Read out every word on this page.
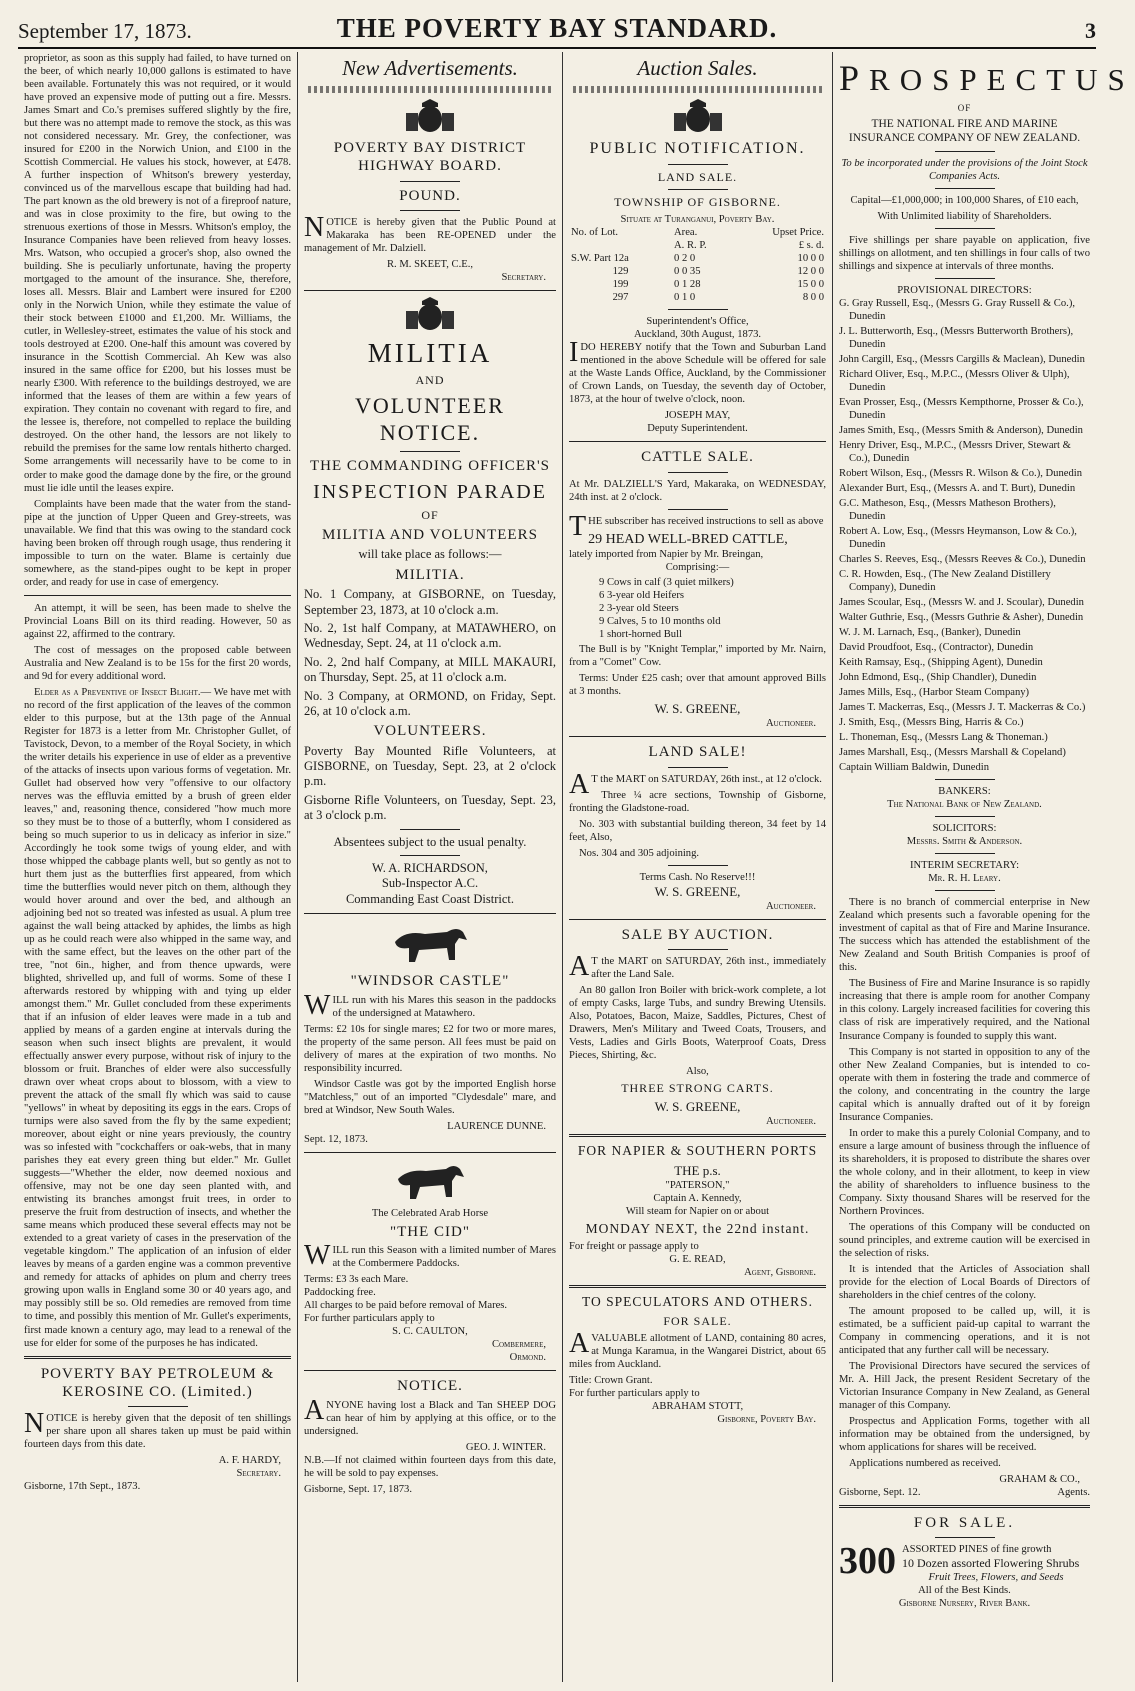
September 17, 1873.	THE POVERTY BAY STANDARD.	3

proprietor, as soon as this supply had failed, to have turned on the beer, of which nearly 10,000 gallons is estimated to have been available. Fortunately this was not required, or it would have proved an expensive mode of putting out a fire. Messrs. James Smart and Co.'s premises suffered slightly by the fire, but there was no attempt made to remove the stock, as this was not considered necessary. Mr. Grey, the confectioner, was insured for £200 in the Norwich Union, and £100 in the Scottish Commercial. He values his stock, however, at £478. A further inspection of Whitson's brewery yesterday, convinced us of the marvellous escape that building had had. The part known as the old brewery is not of a fireproof nature, and was in close proximity to the fire, but owing to the strenuous exertions of those in Messrs. Whitson's employ, the Insurance Companies have been relieved from heavy losses. Mrs. Watson, who occupied a grocer's shop, also owned the building. She is peculiarly unfortunate, having the property mortgaged to the amount of the insurance. She, therefore, loses all. Messrs. Blair and Lambert were insured for £200 only in the Norwich Union, while they estimate the value of their stock between £1000 and £1,200. Mr. Williams, the cutler, in Wellesley-street, estimates the value of his stock and tools destroyed at £200. One-half this amount was covered by insurance in the Scottish Commercial. Ah Kew was also insured in the same office for £200, but his losses must be nearly £300. With reference to the buildings destroyed, we are informed that the leases of them are within a few years of expiration. They contain no covenant with regard to fire, and the lessee is, therefore, not compelled to replace the building destroyed. On the other hand, the lessors are not likely to rebuild the premises for the same low rentals hitherto charged. Some arrangements will necessarily have to be come to in order to make good the damage done by the fire, or the ground must lie idle until the leases expire.

Complaints have been made that the water from the stand-pipe at the junction of Upper Queen and Grey-streets, was unavailable. We find that this was owing to the standard cock having been broken off through rough usage, thus rendering it impossible to turn on the water. Blame is certainly due somewhere, as the stand-pipes ought to be kept in proper order, and ready for use in case of emergency.

An attempt, it will be seen, has been made to shelve the Provincial Loans Bill on its third reading. However, 50 as against 22, affirmed to the contrary.

The cost of messages on the proposed cable between Australia and New Zealand is to be 15s for the first 20 words, and 9d for every additional word.

Elder as a Preventive of Insect Blight.— We have met with no record of the first application of the leaves of the common elder to this purpose, but at the 13th page of the Annual Register for 1873 is a letter from Mr. Christopher Gullet, of Tavistock, Devon, to a member of the Royal Society, in which the writer details his experience in use of elder as a preventive of the attacks of insects upon various forms of vegetation. Mr. Gullet had observed how very "offensive to our olfactory nerves was the effluvia emitted by a brush of green elder leaves," and, reasoning thence, considered "how much more so they must be to those of a butterfly, whom I considered as being so much superior to us in delicacy as inferior in size." Accordingly he took some twigs of young elder, and with those whipped the cabbage plants well, but so gently as not to hurt them just as the butterflies first appeared, from which time the butterflies would never pitch on them, although they would hover around and over the bed, and although an adjoining bed not so treated was infested as usual. A plum tree against the wall being attacked by aphides, the limbs as high up as he could reach were also whipped in the same way, and with the same effect, but the leaves on the other part of the tree, "not 6in., higher, and from thence upwards, were blighted, shrivelled up, and full of worms. Some of these I afterwards restored by whipping with and tying up elder amongst them." Mr. Gullet concluded from these experiments that if an infusion of elder leaves were made in a tub and applied by means of a garden engine at intervals during the season when such insect blights are prevalent, it would effectually answer every purpose, without risk of injury to the blossom or fruit. Branches of elder were also successfully drawn over wheat crops about to blossom, with a view to prevent the attack of the small fly which was said to cause "yellows" in wheat by depositing its eggs in the ears. Crops of turnips were also saved from the fly by the same expedient; moreover, about eight or nine years previously, the country was so infested with "cockchaffers or oak-webs, that in many parishes they eat every green thing but elder." Mr. Gullet suggests—"Whether the elder, now deemed noxious and offensive, may not be one day seen planted with, and entwisting its branches amongst fruit trees, in order to preserve the fruit from destruction of insects, and whether the same means which produced these several effects may not be extended to a great variety of cases in the preservation of the vegetable kingdom." The application of an infusion of elder leaves by means of a garden engine was a common preventive and remedy for attacks of aphides on plum and cherry trees growing upon walls in England some 30 or 40 years ago, and may possibly still be so. Old remedies are removed from time to time, and possibly this mention of Mr. Gullet's experiments, first made known a century ago, may lead to a renewal of the use for elder for some of the purposes he has indicated.

POVERTY BAY PETROLEUM & KEROSINE CO. (Limited.)

NOTICE is hereby given that the deposit of ten shillings per share upon all shares taken up must be paid within fourteen days from this date.

A. F. HARDY,
Secretary.
Gisborne, 17th Sept., 1873.
New Advertisements.
POVERTY BAY DISTRICT HIGHWAY BOARD.
POUND.

NOTICE is hereby given that the Public Pound at Makaraka has been RE-OPENED under the management of Mr. Dalziell.

R. M. SKEET, C.E.,
Secretary.
MILITIA
AND
VOLUNTEER NOTICE.
THE COMMANDING OFFICER'S
INSPECTION PARADE
OF
MILITIA AND VOLUNTEERS
will take place as follows:—
MILITIA.

No. 1 Company, at GISBORNE, on Tuesday, September 23, 1873, at 10 o'clock a.m.

No. 2, 1st half Company, at MATAWHERO, on Wednesday, Sept. 24, at 11 o'clock a.m.

No. 2, 2nd half Company, at MILL MAKAURI, on Thursday, Sept. 25, at 11 o'clock a.m.

No. 3 Company, at ORMOND, on Friday, Sept. 26, at 10 o'clock a.m.

VOLUNTEERS.

Poverty Bay Mounted Rifle Volunteers, at GISBORNE, on Tuesday, Sept. 23, at 2 o'clock p.m.

Gisborne Rifle Volunteers, on Tuesday, Sept. 23, at 3 o'clock p.m.

Absentees subject to the usual penalty.

W. A. RICHARDSON,
Sub-Inspector A.C.
Commanding East Coast District.
"WINDSOR CASTLE"

WILL run with his Mares this season in the paddocks of the undersigned at Matawhero.

Terms: £2 10s for single mares; £2 for two or more mares, the property of the same person. All fees must be paid on delivery of mares at the expiration of two months. No responsibility incurred.

Windsor Castle was got by the imported English horse "Matchless," out of an imported "Clydesdale" mare, and bred at Windsor, New South Wales.

LAURENCE DUNNE.
Sept. 12, 1873.
The Celebrated Arab Horse
"THE CID"

WILL run this Season with a limited number of Mares at the Combermere Paddocks.

Terms: £3 3s each Mare.
Paddocking free.
All charges to be paid before removal of Mares.
For further particulars apply to
S. C. CAULTON,
Combermere,
Ormond.
NOTICE.

ANYONE having lost a Black and Tan SHEEP DOG can hear of him by applying at this office, or to the undersigned.

GEO. J. WINTER.

N.B.—If not claimed within fourteen days from this date, he will be sold to pay expenses.

Gisborne, Sept. 17, 1873.
Auction Sales.
PUBLIC NOTIFICATION.
LAND SALE.
TOWNSHIP OF GISBORNE.
Situate at Turanganui, Poverty Bay.
No. of Lot.	Area.	Upset Price.
	A. R. P.	£ s. d.
S.W. Part 12a	0 2 0	10 0 0
129	0 0 35	12 0 0
199	0 1 28	15 0 0
297	0 1 0	8 0 0
Superintendent's Office,
Auckland, 30th August, 1873.

IDO HEREBY notify that the Town and Suburban Land mentioned in the above Schedule will be offered for sale at the Waste Lands Office, Auckland, by the Commissioner of Crown Lands, on Tuesday, the seventh day of October, 1873, at the hour of twelve o'clock, noon.

JOSEPH MAY,
Deputy Superintendent.
CATTLE SALE.

At Mr. DALZIELL'S Yard, Makaraka, on WEDNESDAY, 24th inst. at 2 o'clock.

THE subscriber has received instructions to sell as above

29 HEAD WELL-BRED CATTLE,
lately imported from Napier by Mr. Breingan,
Comprising:—
9 Cows in calf (3 quiet milkers)
6 3-year old Heifers
2 3-year old Steers
9 Calves, 5 to 10 months old
1 short-horned Bull

The Bull is by "Knight Templar," imported by Mr. Nairn, from a "Comet" Cow.

Terms: Under £25 cash; over that amount approved Bills at 3 months.

W. S. GREENE,
Auctioneer.
LAND SALE!

AT the MART on SATURDAY, 26th inst., at 12 o'clock.

Three ¼ acre sections, Township of Gisborne, fronting the Gladstone-road.

No. 303 with substantial building thereon, 34 feet by 14 feet, Also,

Nos. 304 and 305 adjoining.

Terms Cash. No Reserve!!!
W. S. GREENE,
Auctioneer.
SALE BY AUCTION.

AT the MART on SATURDAY, 26th inst., immediately after the Land Sale.

An 80 gallon Iron Boiler with brick-work complete, a lot of empty Casks, large Tubs, and sundry Brewing Utensils. Also, Potatoes, Bacon, Maize, Saddles, Pictures, Chest of Drawers, Men's Military and Tweed Coats, Trousers, and Vests, Ladies and Girls Boots, Waterproof Coats, Dress Pieces, Shirting, &c.

Also,
THREE STRONG CARTS.
W. S. GREENE,
Auctioneer.
FOR NAPIER & SOUTHERN PORTS
THE p.s.
"PATERSON,"
Captain A. Kennedy,
Will steam for Napier on or about
MONDAY NEXT, the 22nd instant.
For freight or passage apply to
G. E. READ,
Agent, Gisborne.
TO SPECULATORS AND OTHERS.
FOR SALE.

AVALUABLE allotment of LAND, containing 80 acres, at Munga Karamua, in the Wangarei District, about 65 miles from Auckland.

Title: Crown Grant.
For further particulars apply to
ABRAHAM STOTT,
Gisborne, Poverty Bay.
PROSPECTUS
OF
THE NATIONAL FIRE AND MARINE INSURANCE COMPANY OF NEW ZEALAND.

To be incorporated under the provisions of the Joint Stock Companies Acts.

Capital—£1,000,000; in 100,000 Shares, of £10 each,

With Unlimited liability of Shareholders.

Five shillings per share payable on application, five shillings on allotment, and ten shillings in four calls of two shillings and sixpence at intervals of three months.

PROVISIONAL DIRECTORS:

G. Gray Russell, Esq., (Messrs G. Gray Russell & Co.), Dunedin

J. L. Butterworth, Esq., (Messrs Butterworth Brothers), Dunedin

John Cargill, Esq., (Messrs Cargills & Maclean), Dunedin

Richard Oliver, Esq., M.P.C., (Messrs Oliver & Ulph), Dunedin

Evan Prosser, Esq., (Messrs Kempthorne, Prosser & Co.), Dunedin

James Smith, Esq., (Messrs Smith & Anderson), Dunedin

Henry Driver, Esq., M.P.C., (Messrs Driver, Stewart & Co.), Dunedin

Robert Wilson, Esq., (Messrs R. Wilson & Co.), Dunedin

Alexander Burt, Esq., (Messrs A. and T. Burt), Dunedin

G.C. Matheson, Esq., (Messrs Matheson Brothers), Dunedin

Robert A. Low, Esq., (Messrs Heymanson, Low & Co.), Dunedin

Charles S. Reeves, Esq., (Messrs Reeves & Co.), Dunedin

C. R. Howden, Esq., (The New Zealand Distillery Company), Dunedin

James Scoular, Esq., (Messrs W. and J. Scoular), Dunedin

Walter Guthrie, Esq., (Messrs Guthrie & Asher), Dunedin

W. J. M. Larnach, Esq., (Banker), Dunedin

David Proudfoot, Esq., (Contractor), Dunedin

Keith Ramsay, Esq., (Shipping Agent), Dunedin

John Edmond, Esq., (Ship Chandler), Dunedin

James Mills, Esq., (Harbor Steam Company)

James T. Mackerras, Esq., (Messrs J. T. Mackerras & Co.)

J. Smith, Esq., (Messrs Bing, Harris & Co.)

L. Thoneman, Esq., (Messrs Lang & Thoneman.)

James Marshall, Esq., (Messrs Marshall & Copeland)

Captain William Baldwin, Dunedin

BANKERS:
The National Bank of New Zealand.
SOLICITORS:
Messrs. Smith & Anderson.
INTERIM SECRETARY:
Mr. R. H. Leary.

There is no branch of commercial enterprise in New Zealand which presents such a favorable opening for the investment of capital as that of Fire and Marine Insurance. The success which has attended the establishment of the New Zealand and South British Companies is proof of this.

The Business of Fire and Marine Insurance is so rapidly increasing that there is ample room for another Company in this colony. Largely increased facilities for covering this class of risk are imperatively required, and the National Insurance Company is founded to supply this want.

This Company is not started in opposition to any of the other New Zealand Companies, but is intended to co-operate with them in fostering the trade and commerce of the colony, and concentrating in the country the large capital which is annually drafted out of it by foreign Insurance Companies.

In order to make this a purely Colonial Company, and to ensure a large amount of business through the influence of its shareholders, it is proposed to distribute the shares over the whole colony, and in their allotment, to keep in view the ability of shareholders to influence business to the Company. Sixty thousand Shares will be reserved for the Northern Provinces.

The operations of this Company will be conducted on sound principles, and extreme caution will be exercised in the selection of risks.

It is intended that the Articles of Association shall provide for the election of Local Boards of Directors of shareholders in the chief centres of the colony.

The amount proposed to be called up, will, it is estimated, be a sufficient paid-up capital to warrant the Company in commencing operations, and it is not anticipated that any further call will be necessary.

The Provisional Directors have secured the services of Mr. A. Hill Jack, the present Resident Secretary of the Victorian Insurance Company in New Zealand, as General manager of this Company.

Prospectus and Application Forms, together with all information may be obtained from the undersigned, by whom applications for shares will be received.

Applications numbered as received.

GRAHAM & CO.,
Gisborne, Sept. 12.	Agents.
FOR SALE.
300 ASSORTED PINES of fine growth
10 Dozen assorted Flowering Shrubs
Fruit Trees, Flowers, and Seeds
All of the Best Kinds.
Gisborne Nursery, River Bank.
